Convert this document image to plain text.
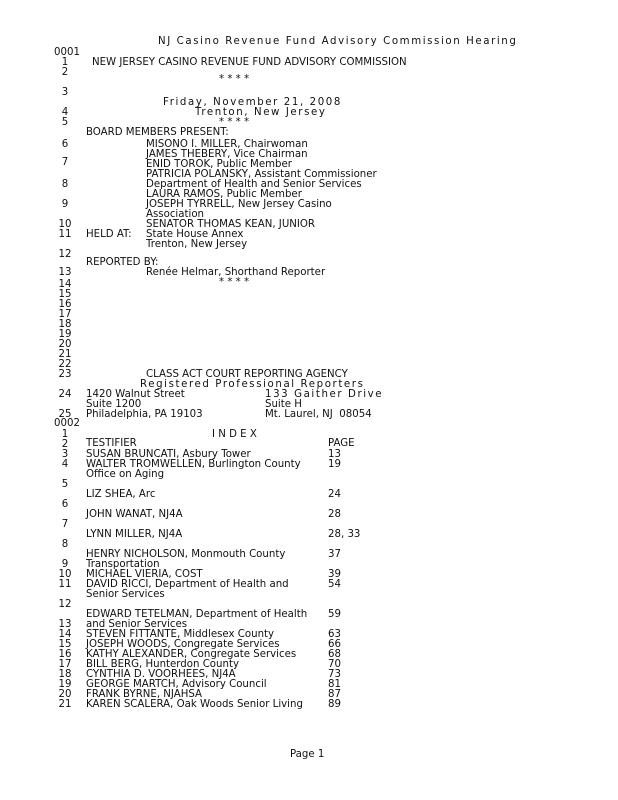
NJ Casino Revenue Fund Advisory Commission Hearing
0001
NEW JERSEY CASINO REVENUE FUND ADVISORY COMMISSION
* * * *
Friday, November 21, 2008
Trenton, New Jersey
* * * *
BOARD MEMBERS PRESENT:
MISONO I. MILLER, Chairwoman
JAMES THEBERY, Vice Chairman
ENID TOROK, Public Member
PATRICIA POLANSKY, Assistant Commissioner
Department of Health and Senior Services
LAURA RAMOS, Public Member
JOSEPH TYRRELL, New Jersey Casino
Association
SENATOR THOMAS KEAN, JUNIOR
HELD AT: State House Annex
Trenton, New Jersey
REPORTED BY:
Renée Helmar, Shorthand Reporter
* * * *
CLASS ACT COURT REPORTING AGENCY
Registered Professional Reporters
1420 Walnut Street
Suite 1200
Philadelphia, PA 19103
133 Gaither Drive
Suite H
Mt. Laurel, NJ  08054
1
2
3
4
5
6
7
8
9
10
11
12
13
14
15
16
17
18
19
20
21
22
23
24
25
0002
I N D E X
TESTIFIER	PAGE
SUSAN BRUNCATI, Asbury Tower	13
WALTER TROMWELLEN, Burlington County	19
Office on Aging
LIZ SHEA, Arc	24
JOHN WANAT, NJ4A	28
LYNN MILLER, NJ4A	28, 33
HENRY NICHOLSON, Monmouth County	37
Transportation
MICHAEL VIERIA, COST	39
DAVID RICCI, Department of Health and	54
Senior Services
EDWARD TETELMAN, Department of Health 59
and Senior Services
STEVEN FITTANTE, Middlesex County	63
JOSEPH WOODS, Congregate Services	66
KATHY ALEXANDER, Congregate Services	68
BILL BERG, Hunterdon County	70
CYNTHIA D. VOORHEES, NJ4A	73
GEORGE MARTCH, Advisory Council	81
FRANK BYRNE, NJAHSA	87
KAREN SCALERA, Oak Woods Senior Living 89
1
2
3
4
5
6
7
8
9
10
11
12
13
14
15
16
17
18
19
20
21
Page 1
